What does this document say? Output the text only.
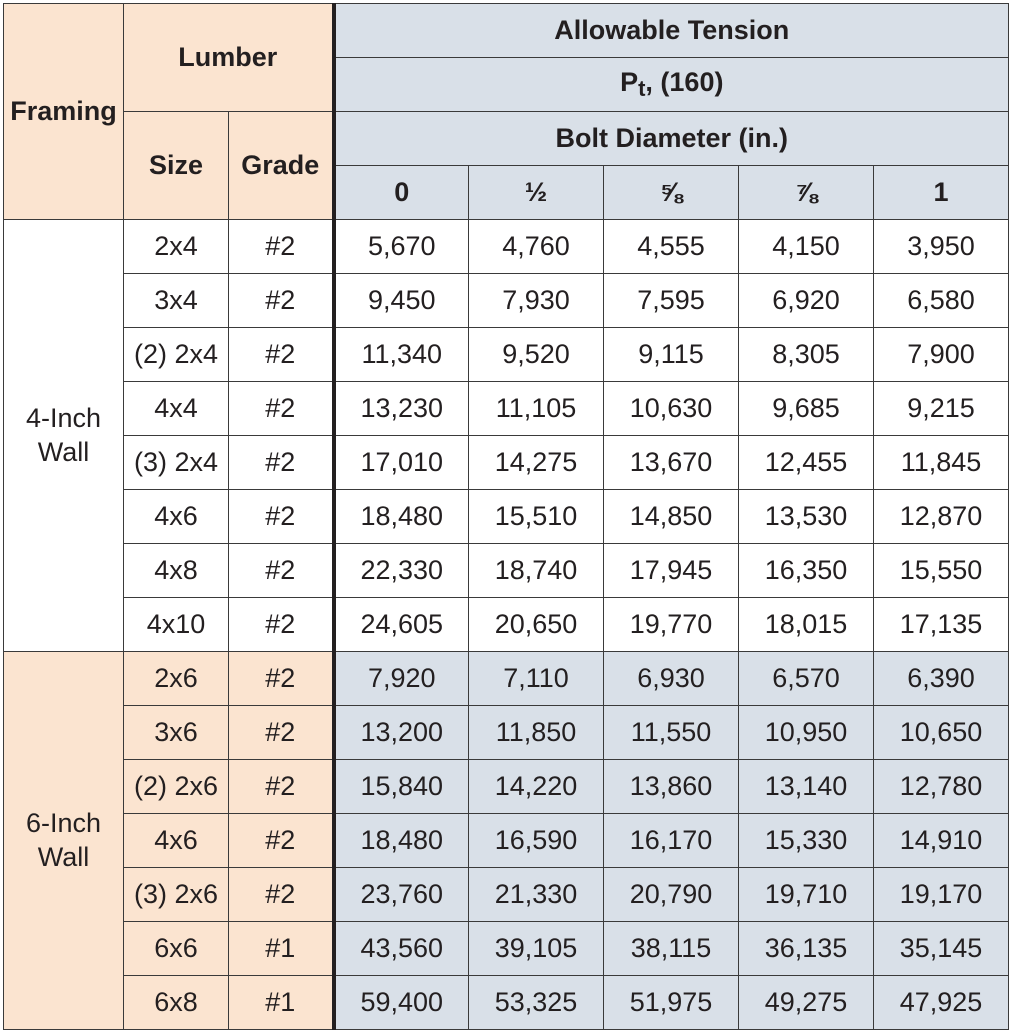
Framing	Lumber		Allowable Tension				
			$P_t$, (160)				
	Size	Grade	Bolt Diameter (in.)				
			0	½	⅝	⅞	1
4-Inch Wall	2x4	#2	5,670	4,760	4,555	4,150	3,950
	3x4	#2	9,450	7,930	7,595	6,920	6,580
	(2) 2x4	#2	11,340	9,520	9,115	8,305	7,900
	4x4	#2	13,230	11,105	10,630	9,685	9,215
	(3) 2x4	#2	17,010	14,275	13,670	12,455	11,845
	4x6	#2	18,480	15,510	14,850	13,530	12,870
	4x8	#2	22,330	18,740	17,945	16,350	15,550
	4x10	#2	24,605	20,650	19,770	18,015	17,135
6-Inch Wall	2x6	#2	7,920	7,110	6,930	6,570	6,390
	3x6	#2	13,200	11,850	11,550	10,950	10,650
	(2) 2x6	#2	15,840	14,220	13,860	13,140	12,780
	4x6	#2	18,480	16,590	16,170	15,330	14,910
	(3) 2x6	#2	23,760	21,330	20,790	19,710	19,170
	6x6	#1	43,560	39,105	38,115	36,135	35,145
	6x8	#1	59,400	53,325	51,975	49,275	47,925
